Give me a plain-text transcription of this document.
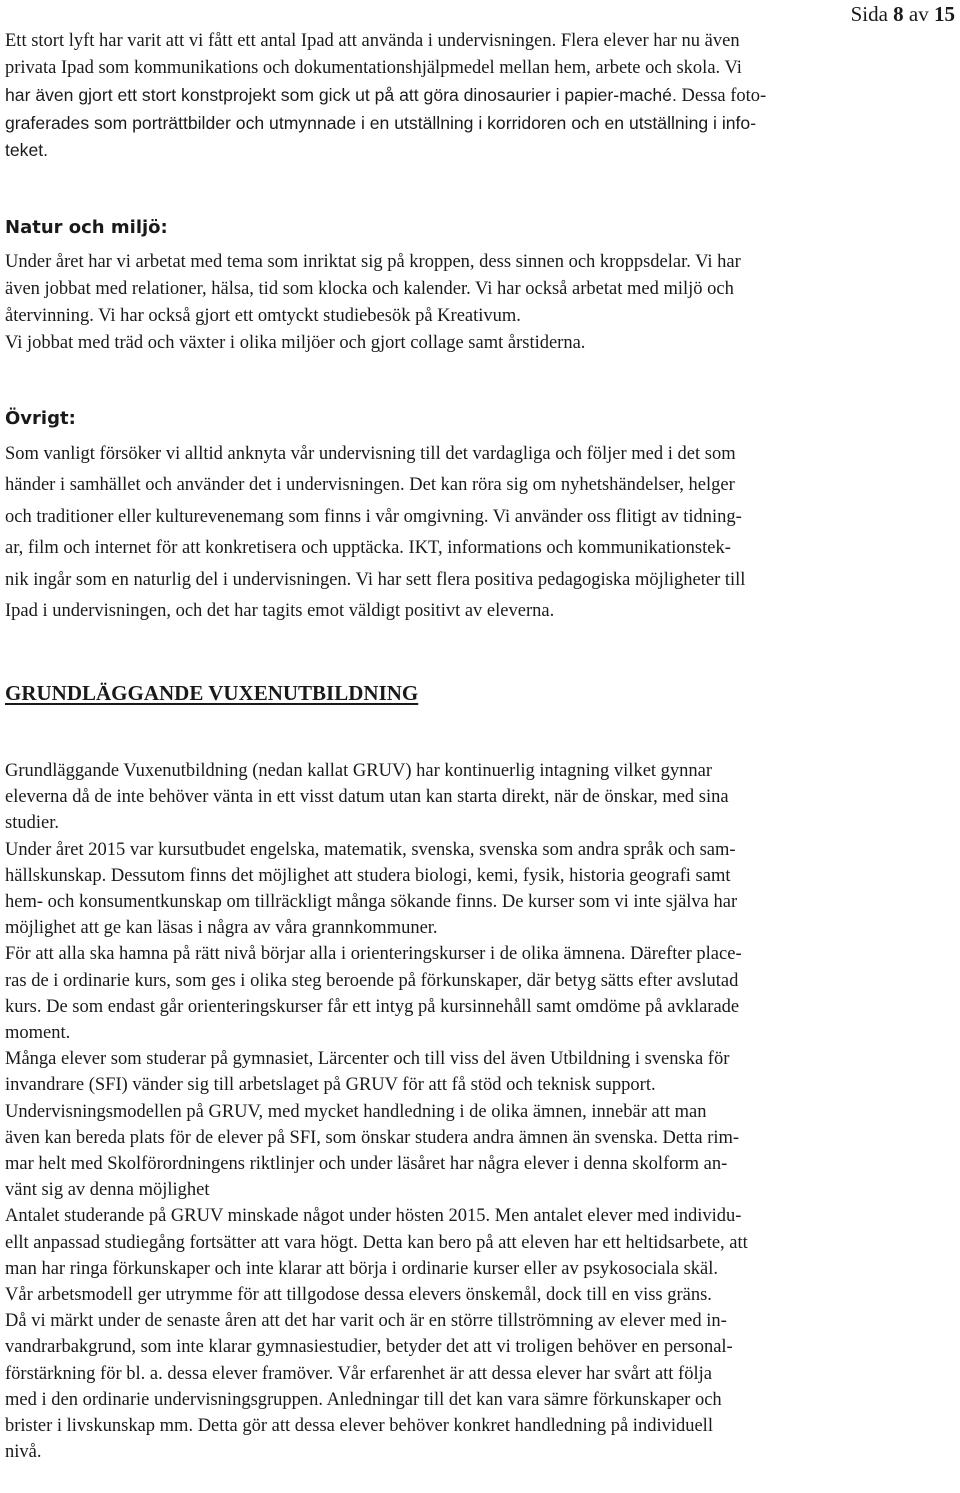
Sida 8 av 15
Ett stort lyft har varit att vi fått ett antal Ipad att använda i undervisningen. Flera elever har nu även
privata Ipad som kommunikations och dokumentationshjälpmedel mellan hem, arbete och skola. Vi
har även gjort ett stort konstprojekt som gick ut på att göra dinosaurier i papier-maché. Dessa foto-
graferades som porträttbilder och utmynnade i en utställning i korridoren och en utställning i info-
teket.
Natur och miljö:
Under året har vi arbetat med tema som inriktat sig på kroppen, dess sinnen och kroppsdelar. Vi har
även jobbat med relationer, hälsa, tid som klocka och kalender. Vi har också arbetat med miljö och
återvinning. Vi har också gjort ett omtyckt studiebesök på Kreativum.
Vi jobbat med träd och växter i olika miljöer och gjort collage samt årstiderna.
Övrigt:
Som vanligt försöker vi alltid anknyta vår undervisning till det vardagliga och följer med i det som
händer i samhället och använder det i undervisningen. Det kan röra sig om nyhetshändelser, helger
och traditioner eller kulturevenemang som finns i vår omgivning. Vi använder oss flitigt av tidning-
ar, film och internet för att konkretisera och upptäcka. IKT, informations och kommunikationstek-
nik ingår som en naturlig del i undervisningen. Vi har sett flera positiva pedagogiska möjligheter till
Ipad i undervisningen, och det har tagits emot väldigt positivt av eleverna.
GRUNDLÄGGANDE VUXENUTBILDNING
Grundläggande Vuxenutbildning (nedan kallat GRUV) har kontinuerlig intagning vilket gynnar
eleverna då de inte behöver vänta in ett visst datum utan kan starta direkt, när de önskar, med sina
studier.
Under året 2015 var kursutbudet engelska, matematik, svenska, svenska som andra språk och sam-
hällskunskap. Dessutom finns det möjlighet att studera biologi, kemi, fysik, historia geografi samt
hem- och konsumentkunskap om tillräckligt många sökande finns. De kurser som vi inte själva har
möjlighet att ge kan läsas i några av våra grannkommuner.
För att alla ska hamna på rätt nivå börjar alla i orienteringskurser i de olika ämnena. Därefter place-
ras de i ordinarie kurs, som ges i olika steg beroende på förkunskaper, där betyg sätts efter avslutad
kurs. De som endast går orienteringskurser får ett intyg på kursinnehåll samt omdöme på avklarade
moment.
Många elever som studerar på gymnasiet, Lärcenter och till viss del även Utbildning i svenska för
invandrare (SFI) vänder sig till arbetslaget på GRUV för att få stöd och teknisk support.
Undervisningsmodellen på GRUV, med mycket handledning i de olika ämnen, innebär att man
även kan bereda plats för de elever på SFI, som önskar studera andra ämnen än svenska. Detta rim-
mar helt med Skolförordningens riktlinjer och under läsåret har några elever i denna skolform an-
vänt sig av denna möjlighet
Antalet studerande på GRUV minskade något under hösten 2015. Men antalet elever med individu-
ellt anpassad studiegång fortsätter att vara högt. Detta kan bero på att eleven har ett heltidsarbete, att
man har ringa förkunskaper och inte klarar att börja i ordinarie kurser eller av psykosociala skäl.
Vår arbetsmodell ger utrymme för att tillgodose dessa elevers önskemål, dock till en viss gräns.
Då vi märkt under de senaste åren att det har varit och är en större tillströmning av elever med in-
vandrarbakgrund, som inte klarar gymnasiestudier, betyder det att vi troligen behöver en personal-
förstärkning för bl. a. dessa elever framöver. Vår erfarenhet är att dessa elever har svårt att följa
med i den ordinarie undervisningsgruppen. Anledningar till det kan vara sämre förkunskaper och
brister i livskunskap mm. Detta gör att dessa elever behöver konkret handledning på individuell
nivå.
